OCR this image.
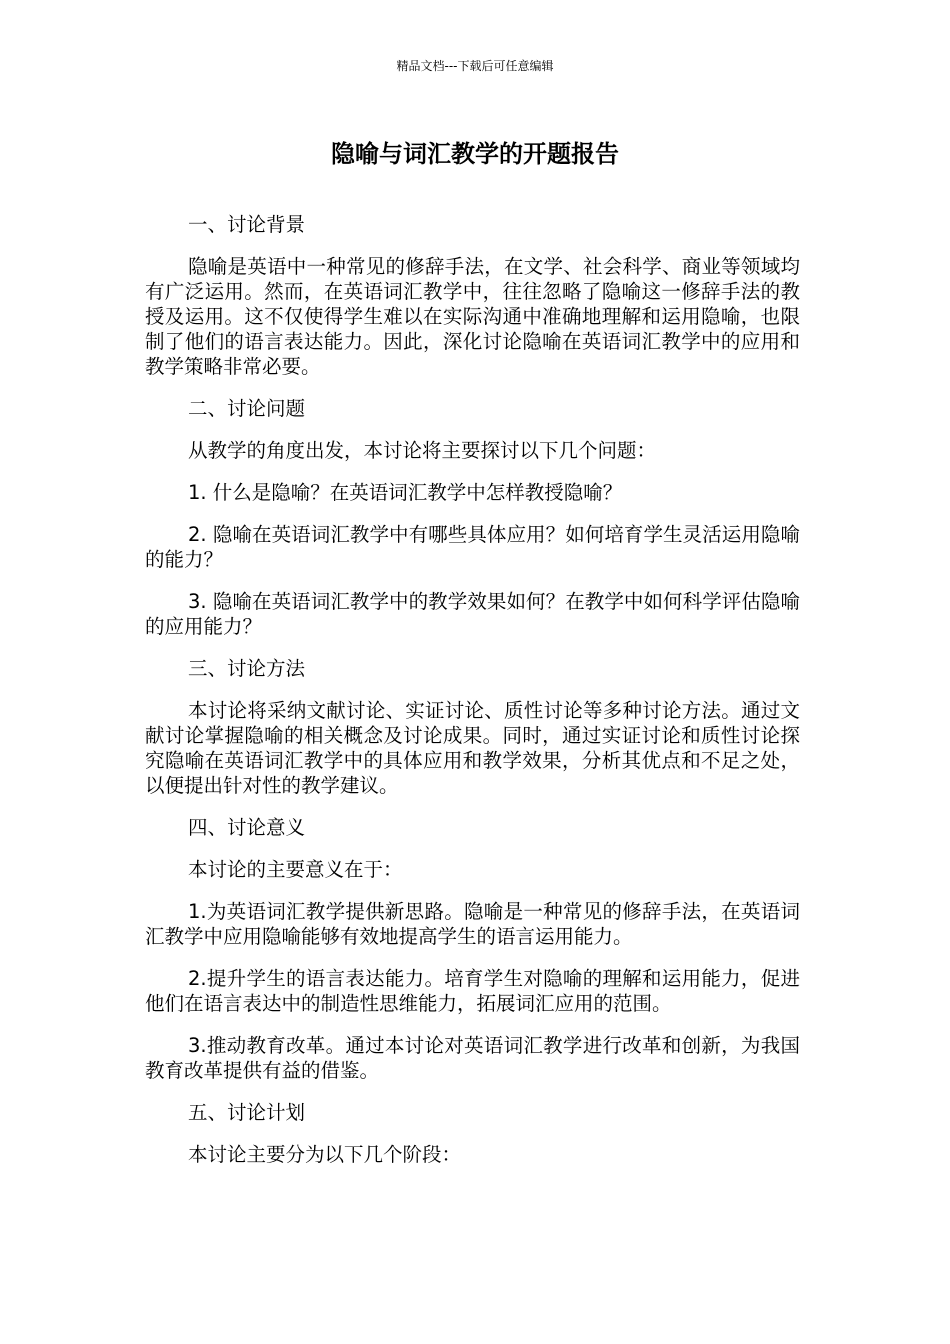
精品文档---下载后可任意编辑
隐喻与词汇教学的开题报告

一、讨论背景

隐喻是英语中一种常见的修辞手法，在文学、社会科学、商业等领域均有广泛运用。然而，在英语词汇教学中，往往忽略了隐喻这一修辞手法的教授及运用。这不仅使得学生难以在实际沟通中准确地理解和运用隐喻，也限制了他们的语言表达能力。因此，深化讨论隐喻在英语词汇教学中的应用和教学策略非常必要。

二、讨论问题

从教学的角度出发，本讨论将主要探讨以下几个问题：

1. 什么是隐喻？在英语词汇教学中怎样教授隐喻？

2. 隐喻在英语词汇教学中有哪些具体应用？如何培育学生灵活运用隐喻的能力？

3. 隐喻在英语词汇教学中的教学效果如何？在教学中如何科学评估隐喻的应用能力？

三、讨论方法

本讨论将采纳文献讨论、实证讨论、质性讨论等多种讨论方法。通过文献讨论掌握隐喻的相关概念及讨论成果。同时，通过实证讨论和质性讨论探究隐喻在英语词汇教学中的具体应用和教学效果，分析其优点和不足之处，以便提出针对性的教学建议。

四、讨论意义

本讨论的主要意义在于：

1.为英语词汇教学提供新思路。隐喻是一种常见的修辞手法，在英语词汇教学中应用隐喻能够有效地提高学生的语言运用能力。

2.提升学生的语言表达能力。培育学生对隐喻的理解和运用能力，促进他们在语言表达中的制造性思维能力，拓展词汇应用的范围。

3.推动教育改革。通过本讨论对英语词汇教学进行改革和创新，为我国教育改革提供有益的借鉴。

五、讨论计划

本讨论主要分为以下几个阶段：
